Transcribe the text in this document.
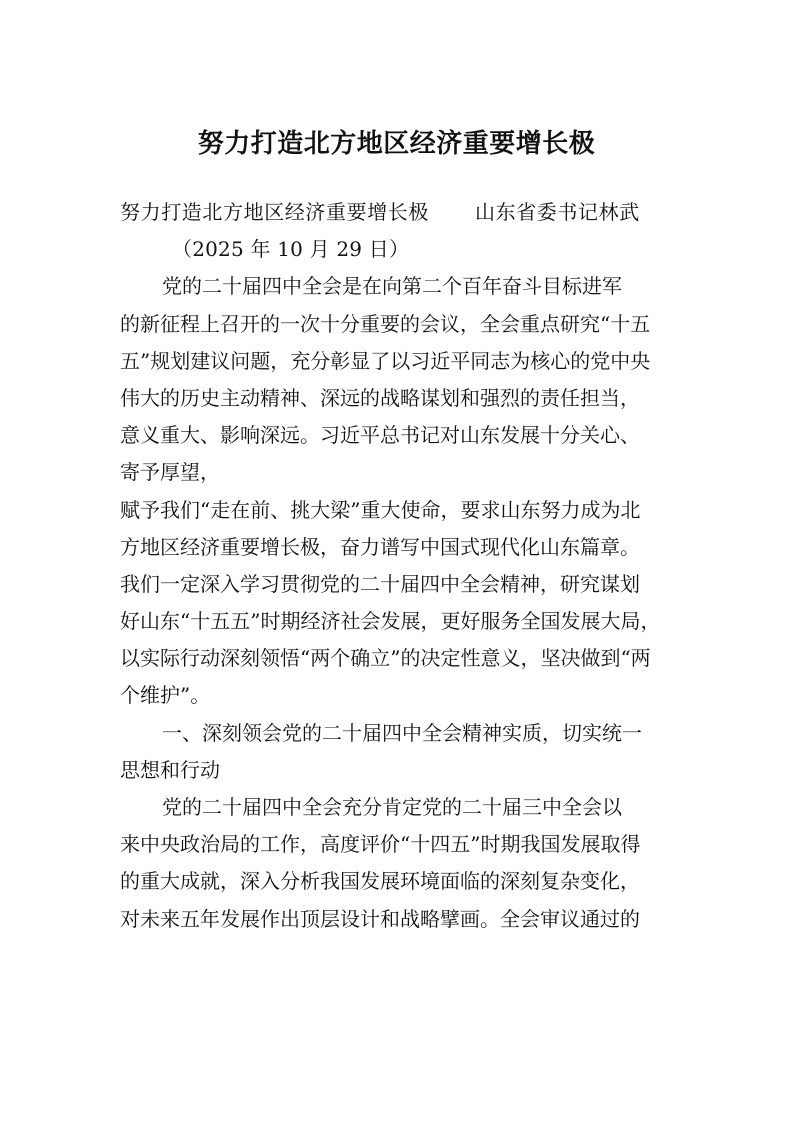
努力打造北方地区经济重要增长极
努力打造北方地区经济重要增长极 山东省委书记林武
（2025 年 10 月 29 日）
党的二十届四中全会是在向第二个百年奋斗目标进军
的新征程上召开的一次十分重要的会议，全会重点研究“十五
五”规划建议问题，充分彰显了以习近平同志为核心的党中央
伟大的历史主动精神、深远的战略谋划和强烈的责任担当，
意义重大、影响深远。习近平总书记对山东发展十分关心、
寄予厚望，
赋予我们“走在前、挑大梁”重大使命，要求山东努力成为北
方地区经济重要增长极，奋力谱写中国式现代化山东篇章。
我们一定深入学习贯彻党的二十届四中全会精神，研究谋划
好山东“十五五”时期经济社会发展，更好服务全国发展大局，
以实际行动深刻领悟“两个确立”的决定性意义，坚决做到“两
个维护”。
一、深刻领会党的二十届四中全会精神实质，切实统一
思想和行动
党的二十届四中全会充分肯定党的二十届三中全会以
来中央政治局的工作，高度评价“十四五”时期我国发展取得
的重大成就，深入分析我国发展环境面临的深刻复杂变化，
对未来五年发展作出顶层设计和战略擘画。全会审议通过的
